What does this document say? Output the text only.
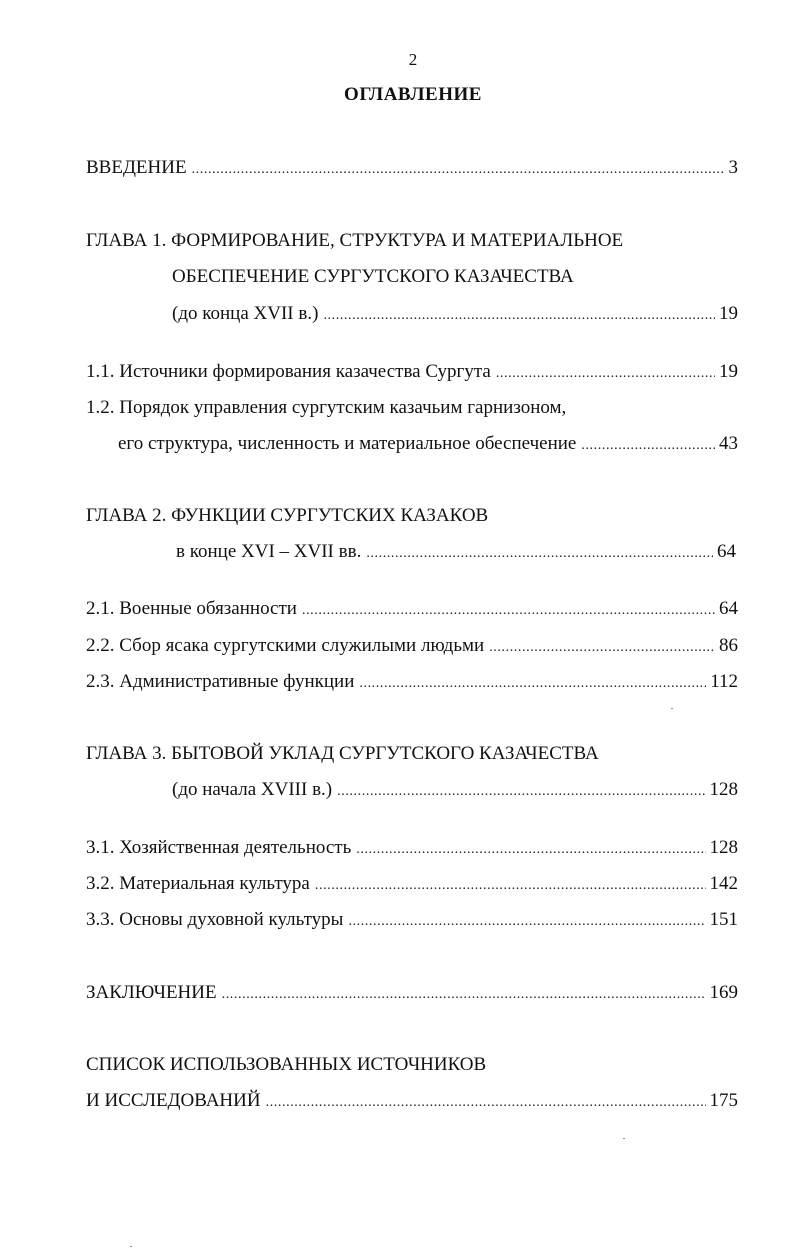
2
ОГЛАВЛЕНИЕ
ВВЕДЕНИЕ .....	3
ГЛАВА 1. ФОРМИРОВАНИЕ, СТРУКТУРА И МАТЕРИАЛЬНОЕ
ОБЕСПЕЧЕНИЕ СУРГУТСКОГО КАЗАЧЕСТВА
(до конца XVII в.) .....	19
1.1. Источники формирования казачества Сургута .....	19
1.2. Порядок управления сургутским казачьим гарнизоном,
его структура, численность и материальное обеспечение .....	43
ГЛАВА 2. ФУНКЦИИ СУРГУТСКИХ КАЗАКОВ
в конце XVI – XVII вв. .....	64
2.1. Военные обязанности .....	64
2.2. Сбор ясака сургутскими служилыми людьми .....	86
2.3. Административные функции .....	112
ГЛАВА 3. БЫТОВОЙ УКЛАД СУРГУТСКОГО КАЗАЧЕСТВА
(до начала XVIII в.) .....	128
3.1. Хозяйственная деятельность .....	128
3.2. Материальная культура .....	142
3.3. Основы духовной культуры .....	151
ЗАКЛЮЧЕНИЕ .....	169
СПИСОК ИСПОЛЬЗОВАННЫХ ИСТОЧНИКОВ
И ИССЛЕДОВАНИЙ .....	175
